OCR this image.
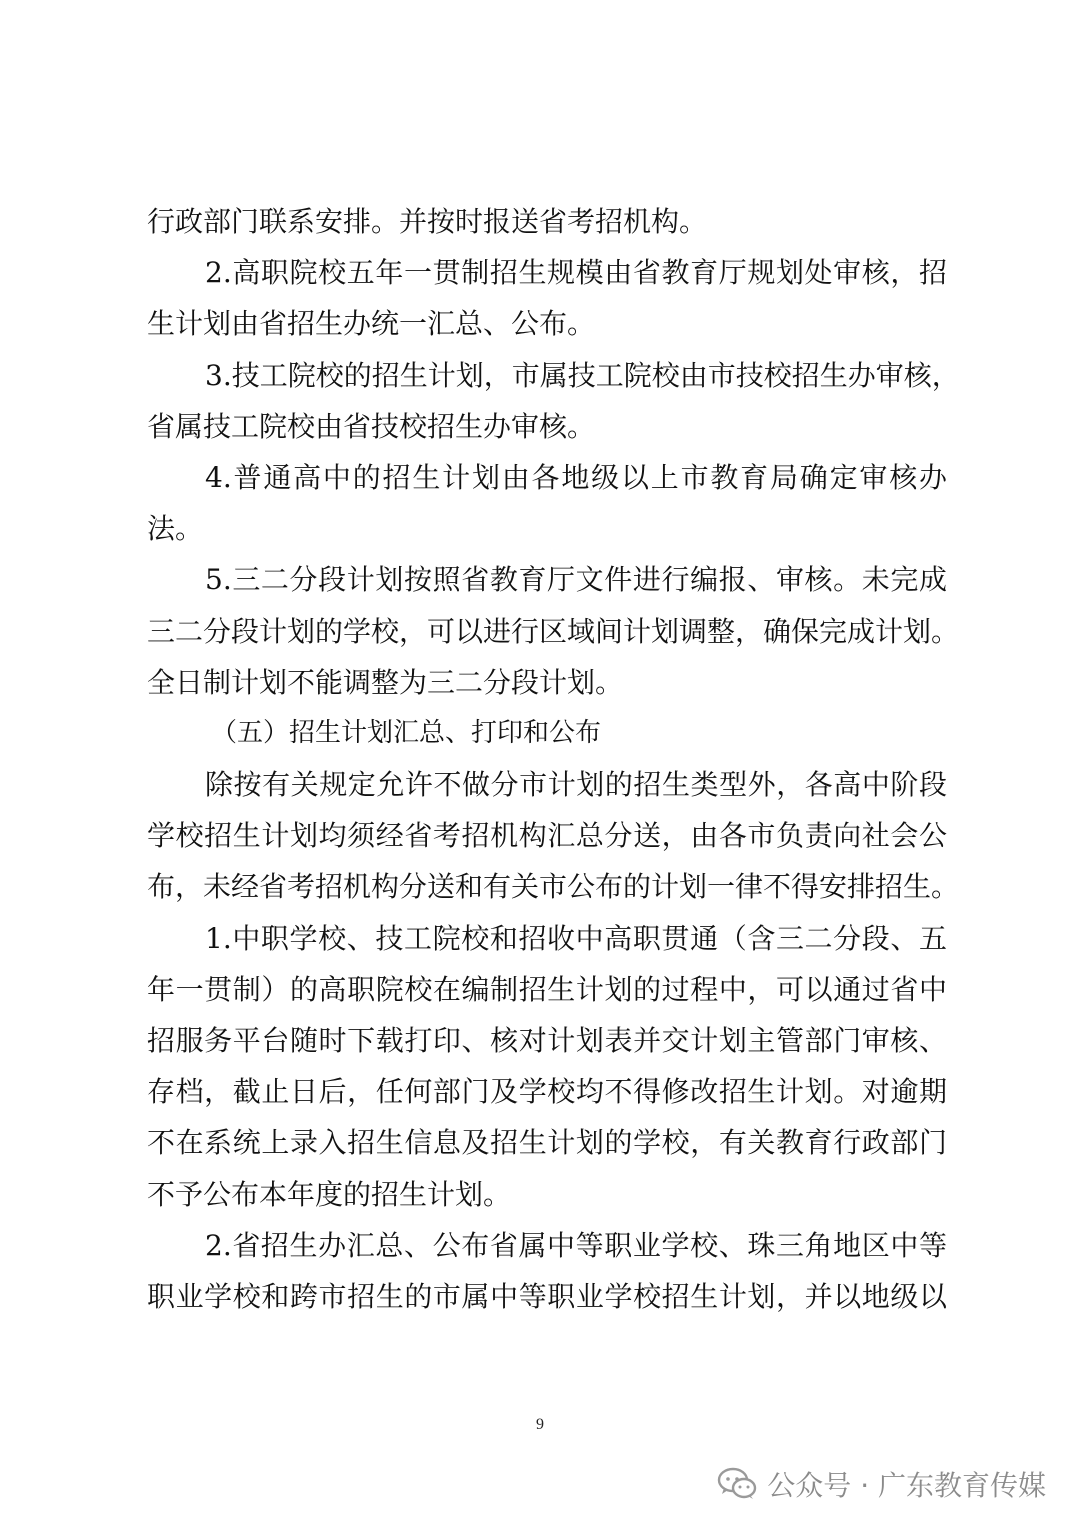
行政部门联系安排。并按时报送省考招机构。
2.高职院校五年一贯制招生规模由省教育厅规划处审核，招
生计划由省招生办统一汇总、公布。
3.技工院校的招生计划，市属技工院校由市技校招生办审核，
省属技工院校由省技校招生办审核。
4.普通高中的招生计划由各地级以上市教育局确定审核办
法。
5.三二分段计划按照省教育厅文件进行编报、审核。未完成
三二分段计划的学校，可以进行区域间计划调整，确保完成计划。
全日制计划不能调整为三二分段计划。
（五）招生计划汇总、打印和公布
除按有关规定允许不做分市计划的招生类型外，各高中阶段
学校招生计划均须经省考招机构汇总分送，由各市负责向社会公
布，未经省考招机构分送和有关市公布的计划一律不得安排招生。
1.中职学校、技工院校和招收中高职贯通（含三二分段、五
年一贯制）的高职院校在编制招生计划的过程中，可以通过省中
招服务平台随时下载打印、核对计划表并交计划主管部门审核、
存档，截止日后，任何部门及学校均不得修改招生计划。对逾期
不在系统上录入招生信息及招生计划的学校，有关教育行政部门
不予公布本年度的招生计划。
2.省招生办汇总、公布省属中等职业学校、珠三角地区中等
职业学校和跨市招生的市属中等职业学校招生计划，并以地级以
9
公众号 · 广东教育传媒
